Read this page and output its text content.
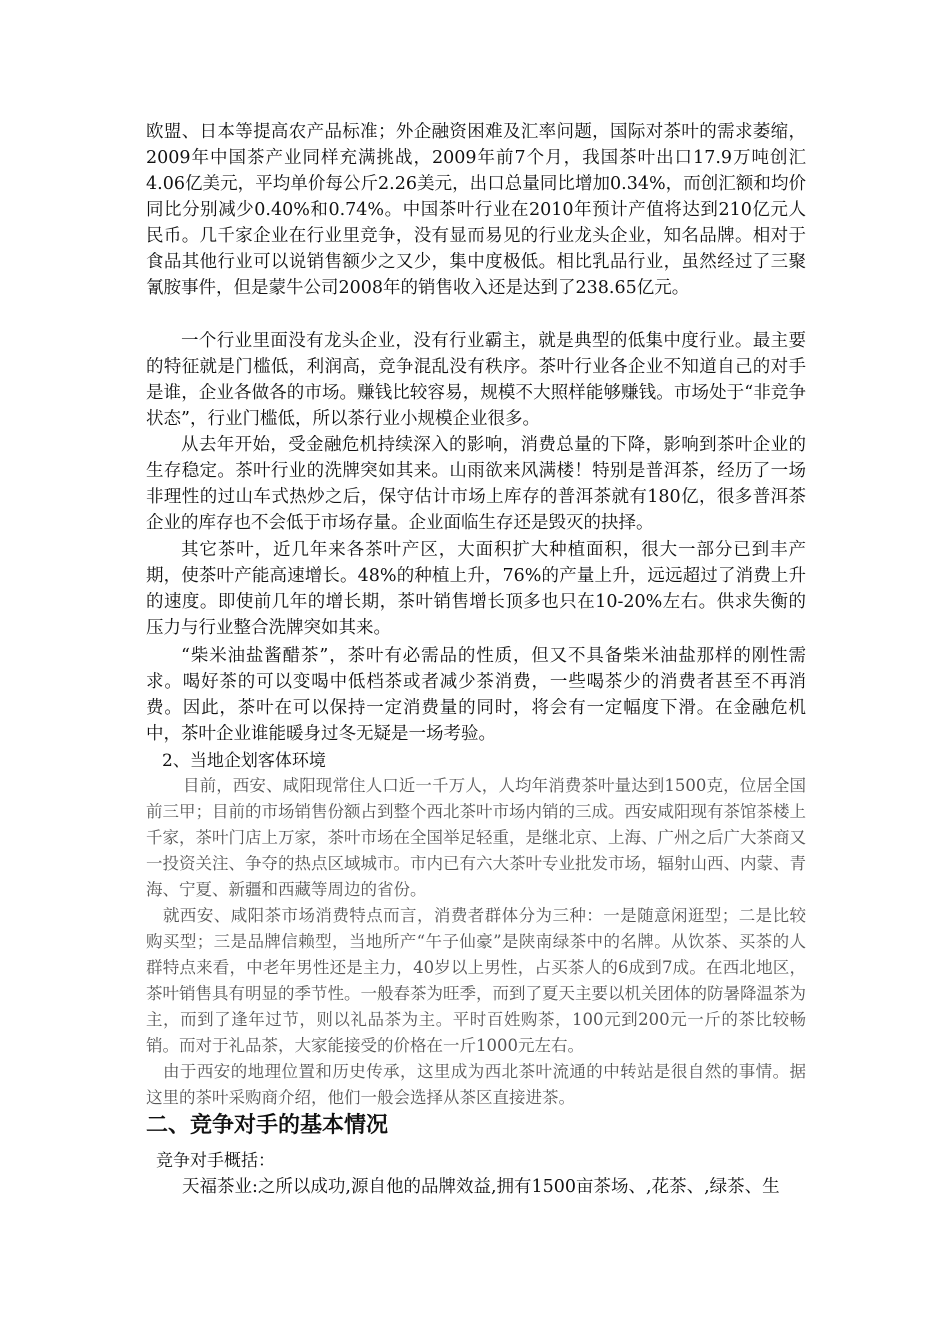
欧盟、日本等提高农产品标准；外企融资困难及汇率问题，国际对茶叶的需求萎缩，2009年中国茶产业同样充满挑战，2009年前7个月，我国茶叶出口17.9万吨创汇4.06亿美元，平均单价每公斤2.26美元，出口总量同比增加0.34%，而创汇额和均价同比分别减少0.40%和0.74%。中国茶叶行业在2010年预计产值将达到210亿元人民币。几千家企业在行业里竞争，没有显而易见的行业龙头企业，知名品牌。相对于食品其他行业可以说销售额少之又少，集中度极低。相比乳品行业，虽然经过了三聚氰胺事件，但是蒙牛公司2008年的销售收入还是达到了238.65亿元。

一个行业里面没有龙头企业，没有行业霸主，就是典型的低集中度行业。最主要的特征就是门槛低，利润高，竞争混乱没有秩序。茶叶行业各企业不知道自己的对手是谁，企业各做各的市场。赚钱比较容易，规模不大照样能够赚钱。市场处于“非竞争状态”，行业门槛低，所以茶行业小规模企业很多。

从去年开始，受金融危机持续深入的影响，消费总量的下降，影响到茶叶企业的生存稳定。茶叶行业的洗牌突如其来。山雨欲来风满楼！特别是普洱茶，经历了一场非理性的过山车式热炒之后，保守估计市场上库存的普洱茶就有180亿，很多普洱茶企业的库存也不会低于市场存量。企业面临生存还是毁灭的抉择。

其它茶叶，近几年来各茶叶产区，大面积扩大种植面积，很大一部分已到丰产期，使茶叶产能高速增长。48%的种植上升，76%的产量上升，远远超过了消费上升的速度。即使前几年的增长期，茶叶销售增长顶多也只在10-20%左右。供求失衡的压力与行业整合洗牌突如其来。

“柴米油盐酱醋茶”，茶叶有必需品的性质，但又不具备柴米油盐那样的刚性需求。喝好茶的可以变喝中低档茶或者减少茶消费，一些喝茶少的消费者甚至不再消费。因此，茶叶在可以保持一定消费量的同时，将会有一定幅度下滑。在金融危机中，茶叶企业谁能暖身过冬无疑是一场考验。

2、当地企划客体环境

目前，西安、咸阳现常住人口近一千万人，人均年消费茶叶量达到1500克，位居全国前三甲；目前的市场销售份额占到整个西北茶叶市场内销的三成。西安咸阳现有茶馆茶楼上千家，茶叶门店上万家，茶叶市场在全国举足轻重，是继北京、上海、广州之后广大茶商又一投资关注、争夺的热点区域城市。市内已有六大茶叶专业批发市场，辐射山西、内蒙、青海、宁夏、新疆和西藏等周边的省份。

就西安、咸阳茶市场消费特点而言，消费者群体分为三种：一是随意闲逛型；二是比较购买型；三是品牌信赖型，当地所产“午子仙豪”是陕南绿茶中的名牌。从饮茶、买茶的人群特点来看，中老年男性还是主力，40岁以上男性，占买茶人的6成到7成。在西北地区，茶叶销售具有明显的季节性。一般春茶为旺季，而到了夏天主要以机关团体的防暑降温茶为主，而到了逢年过节，则以礼品茶为主。平时百姓购茶，100元到200元一斤的茶比较畅销。而对于礼品茶，大家能接受的价格在一斤1000元左右。

由于西安的地理位置和历史传承，这里成为西北茶叶流通的中转站是很自然的事情。据这里的茶叶采购商介绍，他们一般会选择从茶区直接进茶。

二、竞争对手的基本情况
竞争对手概括：
天福茶业:之所以成功,源自他的品牌效益,拥有1500亩茶场、,花茶、,绿茶、生
